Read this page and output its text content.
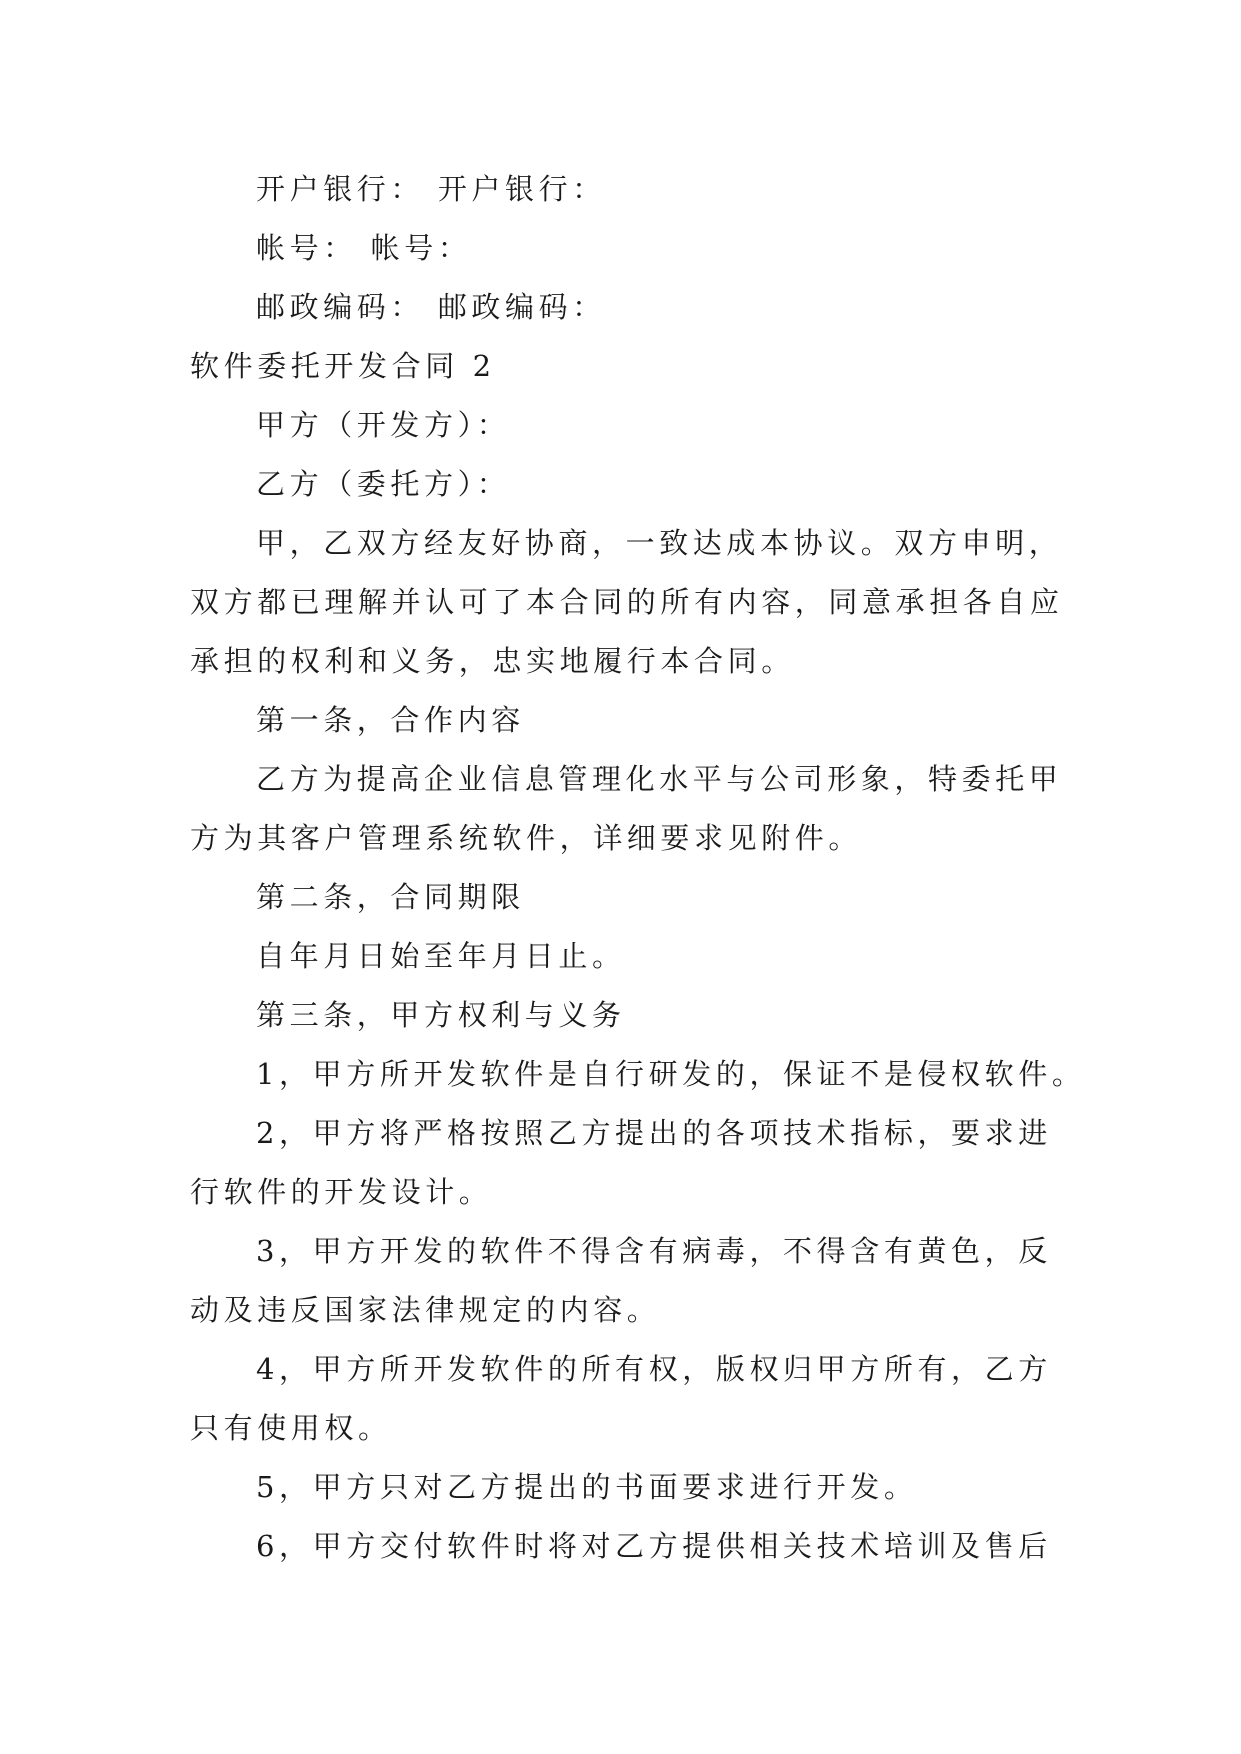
开户银行： 开户银行：

帐号： 帐号：

邮政编码： 邮政编码：

软件委托开发合同 2

甲方（开发方）：

乙方（委托方）：

甲，乙双方经友好协商，一致达成本协议。双方申明，双方都已理解并认可了本合同的所有内容，同意承担各自应承担的权利和义务，忠实地履行本合同。

第一条，合作内容

乙方为提高企业信息管理化水平与公司形象，特委托甲方为其客户管理系统软件，详细要求见附件。

第二条，合同期限

自年月日始至年月日止。

第三条，甲方权利与义务

1，甲方所开发软件是自行研发的，保证不是侵权软件。

2，甲方将严格按照乙方提出的各项技术指标，要求进行软件的开发设计。

3，甲方开发的软件不得含有病毒，不得含有黄色，反动及违反国家法律规定的内容。

4，甲方所开发软件的所有权，版权归甲方所有，乙方只有使用权。

5，甲方只对乙方提出的书面要求进行开发。

6，甲方交付软件时将对乙方提供相关技术培训及售后
